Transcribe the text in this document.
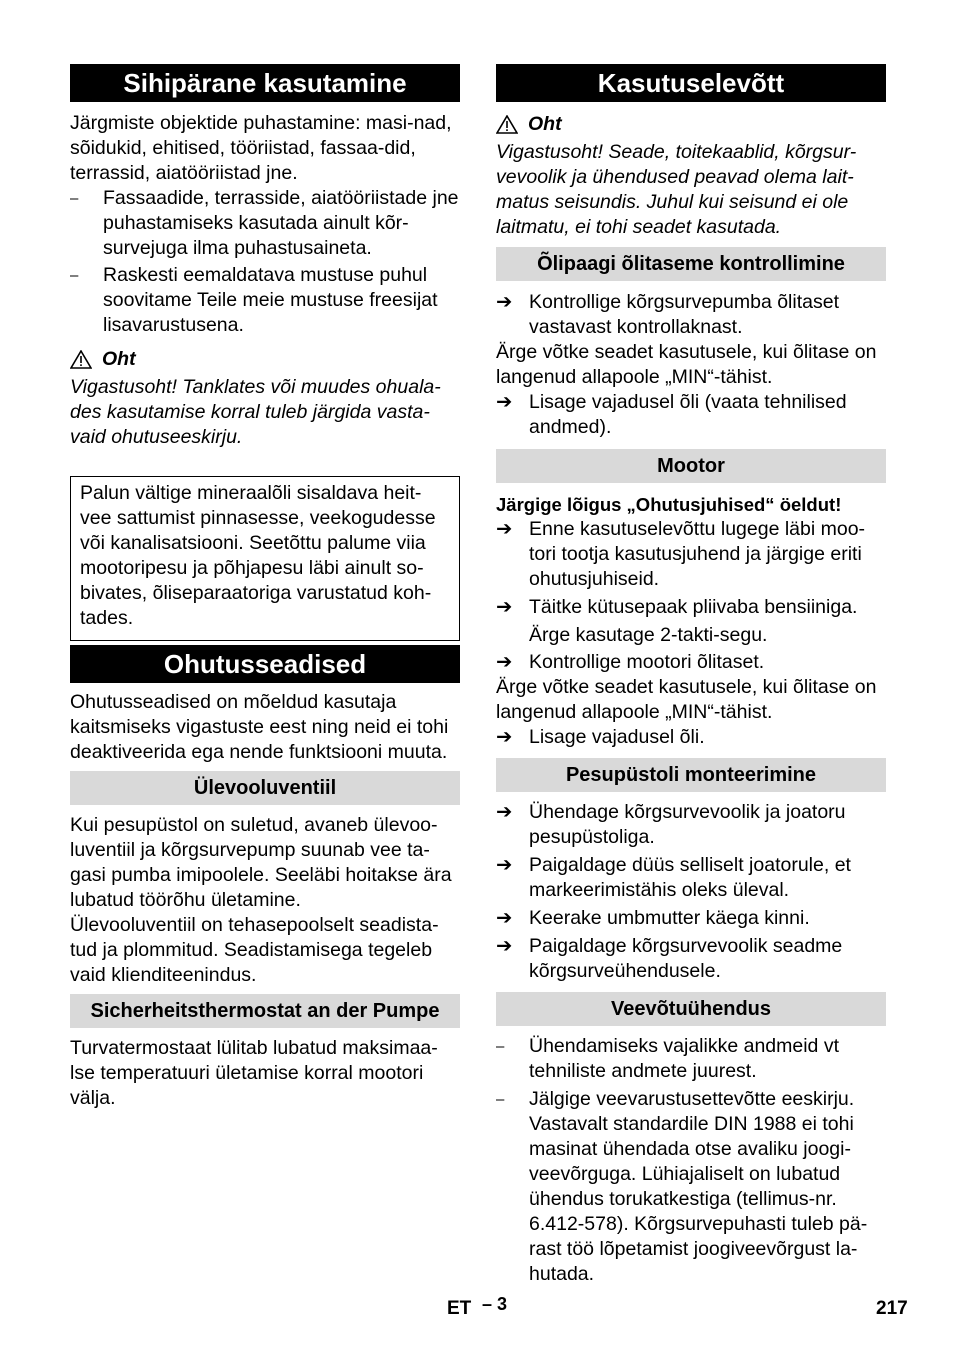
Sihipärane kasutamine

Järgmiste objektide puhastamine: masi-nad, sõidukid, ehitised, tööriistad, fassaa-did, terrassid, aiatööriistad jne.

–	Fassaadide, terrasside, aiatööriistade jne puhastamiseks kasutada ainult kõr-survejuga ilma puhastusaineta.
–	Raskesti eemaldatava mustuse puhul soovitame Teile meie mustuse freesijat lisavarustusena.
Oht

Vigastusoht! Tanklates või muudes ohuala-des kasutamise korral tuleb järgida vasta-vaid ohutuseeskirju.

Palun vältige mineraalõli sisaldava heit-vee sattumist pinnasesse, veekogudesse või kanalisatsiooni. Seetõttu palume viia mootoripesu ja põhjapesu läbi ainult so-bivates, õliseparaatoriga varustatud koh-tades.

Ohutusseadised

Ohutusseadised on mõeldud kasutaja kaitsmiseks vigastuste eest ning neid ei tohi deaktiveerida ega nende funktsiooni muuta.

Ülevooluventiil

Kui pesupüstol on suletud, avaneb ülevoo-luventiil ja kõrgsurvepump suunab vee ta-gasi pumba imipoolele. Seeläbi hoitakse ära lubatud töörõhu ületamine.

Ülevooluventiil on tehasepoolselt seadista-tud ja plommitud. Seadistamisega tegeleb vaid klienditeenindus.

Sicherheitsthermostat an der Pumpe

Turvatermostaat lülitab lubatud maksimaa-lse temperatuuri ületamise korral mootori välja.

Kasutuselevõtt
Oht

Vigastusoht! Seade, toitekaablid, kõrgsur-vevoolik ja ühendused peavad olema lait-matus seisundis. Juhul kui seisund ei ole laitmatu, ei tohi seadet kasutada.

Õlipaagi õlitaseme kontrollimine
➔ Kontrollige kõrgsurvepumba õlitaset vastavast kontrollaknast.

Ärge võtke seadet kasutusele, kui õlitase on langenud allapoole „MIN“-tähist.

➔ Lisage vajadusel õli (vaata tehnilised andmed).
Mootor

Järgige lõigus „Ohutusjuhised“ öeldut!

➔ Enne kasutuselevõttu lugege läbi moo-tori tootja kasutusjuhend ja järgige eriti ohutusjuhiseid.
➔ Täitke kütusepaak pliivaba bensiiniga.

Ärge kasutage 2-takti-segu.

➔ Kontrollige mootori õlitaset.

Ärge võtke seadet kasutusele, kui õlitase on langenud allapoole „MIN“-tähist.

➔ Lisage vajadusel õli.
Pesupüstoli monteerimine
➔ Ühendage kõrgsurvevoolik ja joatoru pesupüstoliga.
➔ Paigaldage düüs selliselt joatorule, et markeerimistähis oleks üleval.
➔ Keerake umbmutter käega kinni.
➔ Paigaldage kõrgsurvevoolik seadme kõrgsurveühendusele.
Veevõtuühendus
–	Ühendamiseks vajalikke andmeid vt tehniliste andmete juurest.
–	Jälgige veevarustusettevõtte eeskirju. Vastavalt standardile DIN 1988 ei tohi masinat ühendada otse avaliku joogi-veevõrguga. Lühiajaliselt on lubatud ühendus torukatkestiga (tellimus-nr. 6.412-578). Kõrgsurvepuhasti tuleb pä-rast töö lõpetamist joogiveevõrgust la-hutada.
ET – 3	217
